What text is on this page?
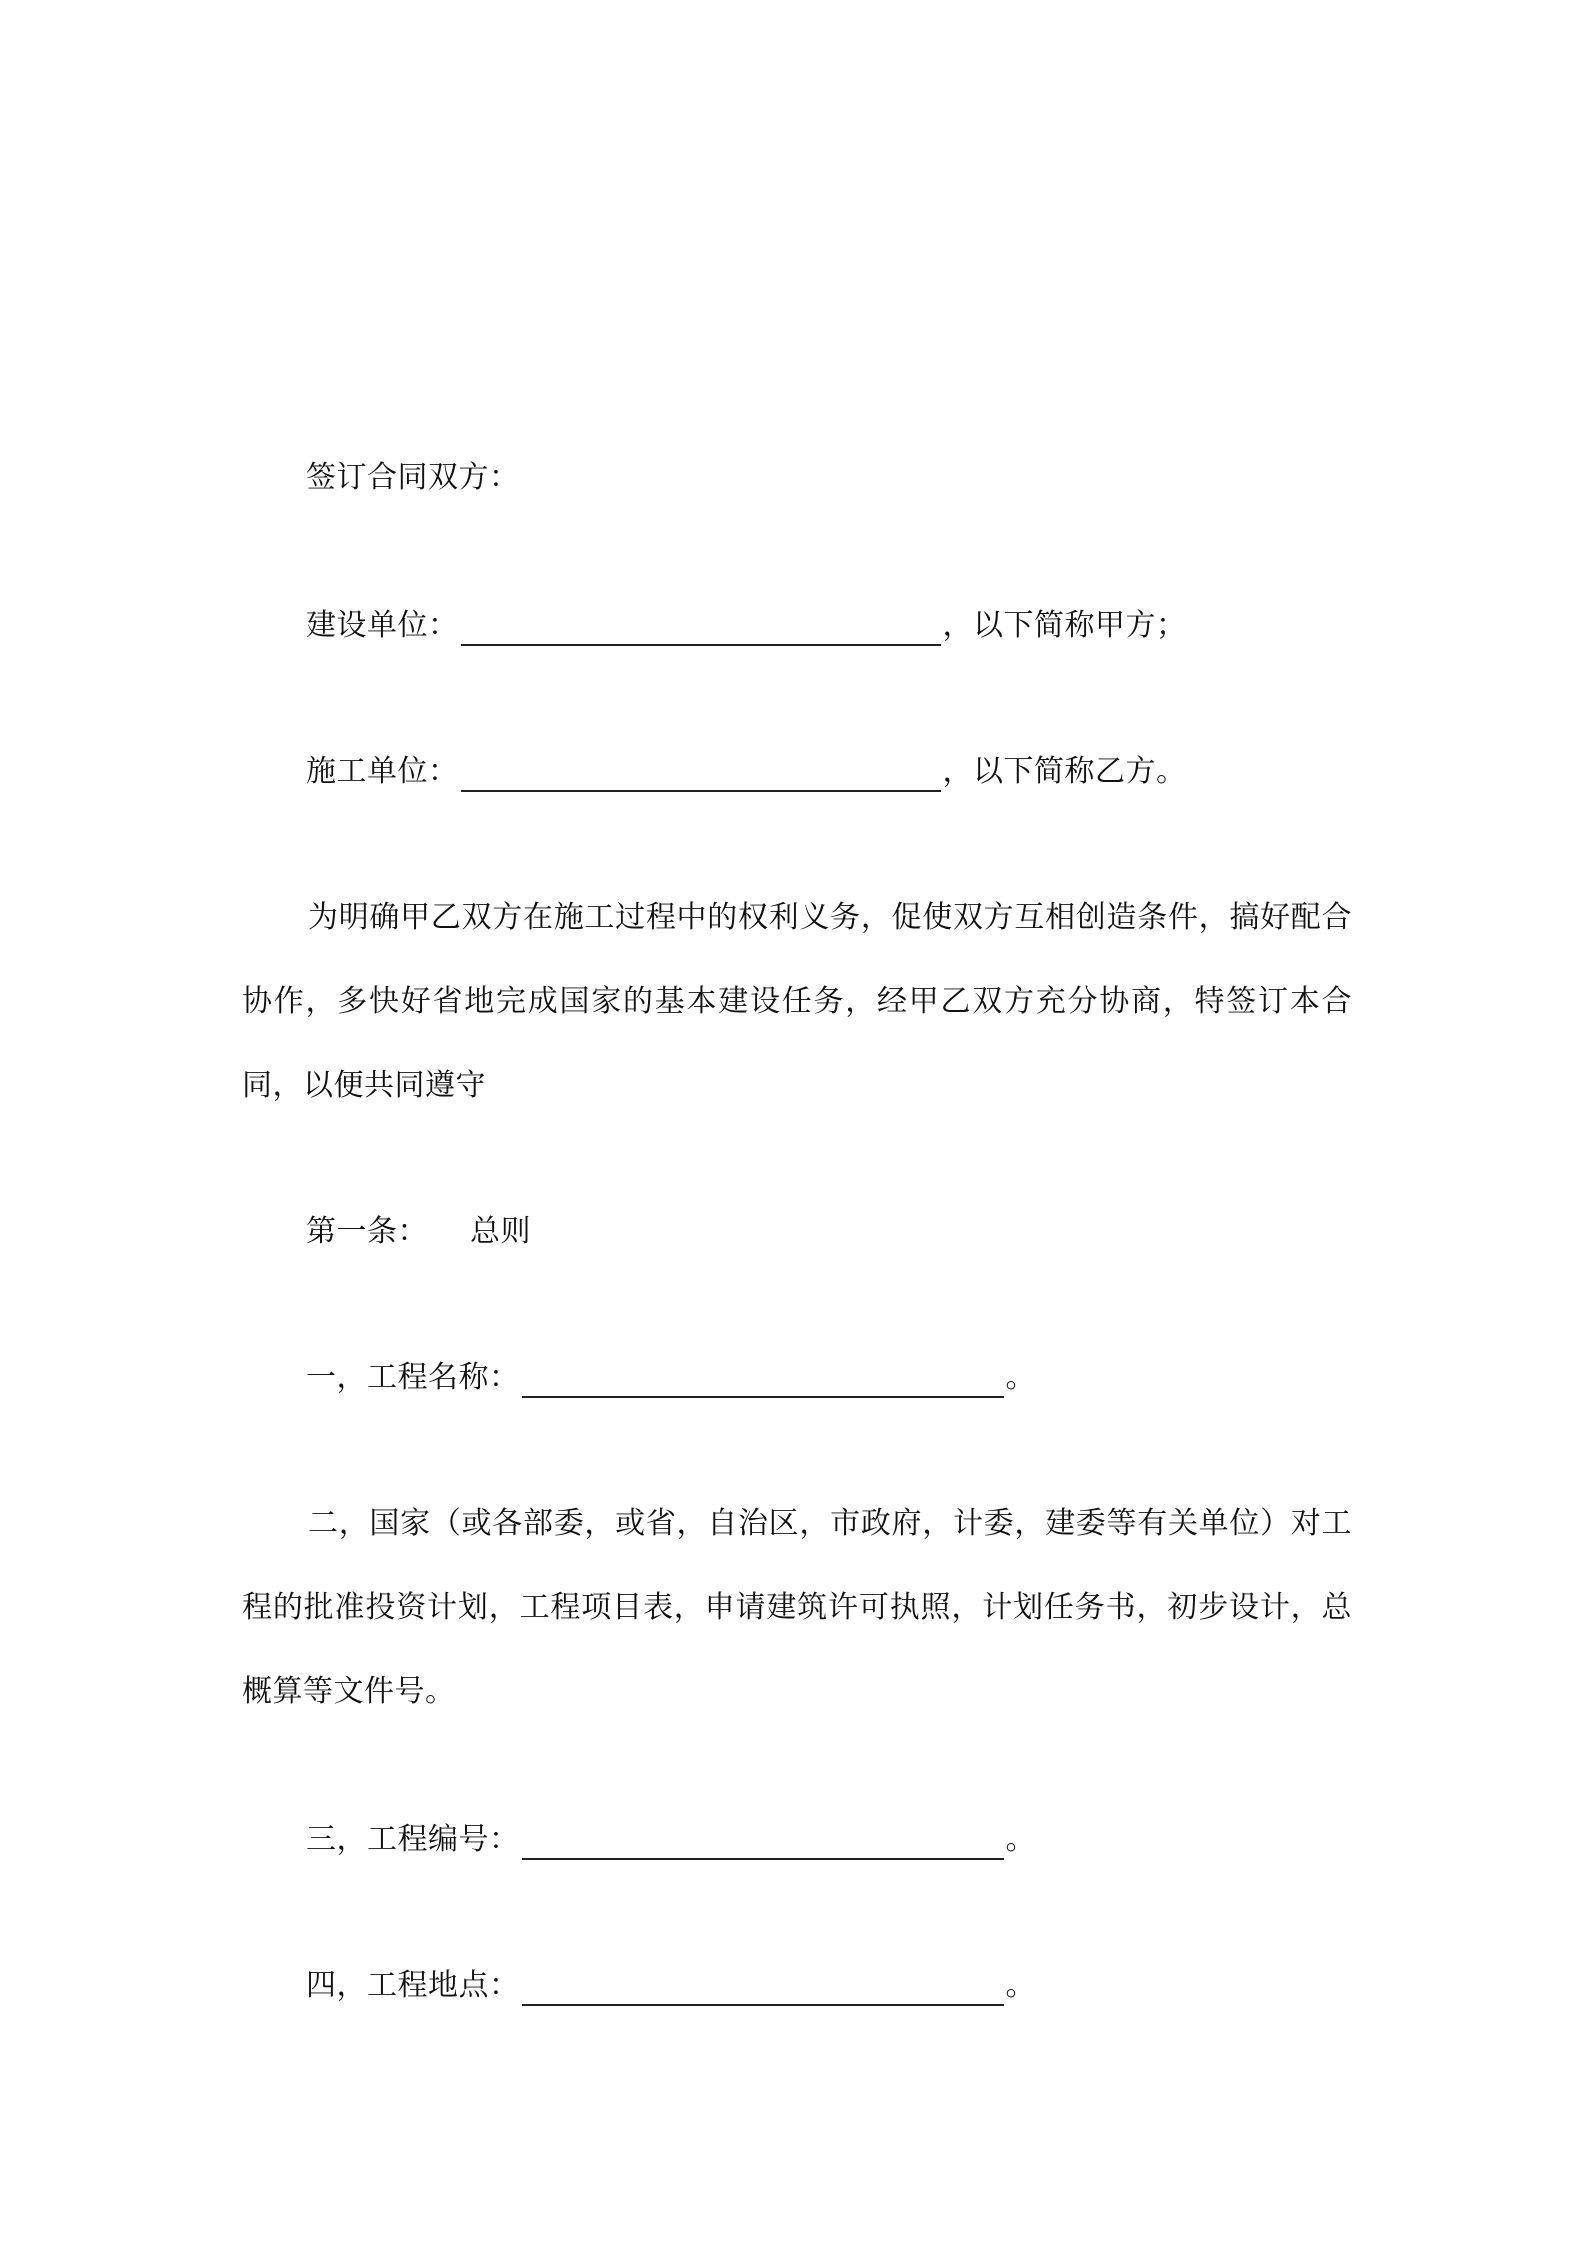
签订合同双方：
建设单位：	，以下简称甲方；
施工单位：	，以下简称乙方。
为明确甲乙双方在施工过程中的权利义务，促使双方互相创造条件，搞好配合协作，多快好省地完成国家的基本建设任务，经甲乙双方充分协商，特签订本合同，以便共同遵守
第一条： 总则
一，工程名称：	。
二，国家（或各部委，或省，自治区，市政府，计委，建委等有关单位）对工程的批准投资计划，工程项目表，申请建筑许可执照，计划任务书，初步设计，总概算等文件号。
三，工程编号：	。
四，工程地点：	。
